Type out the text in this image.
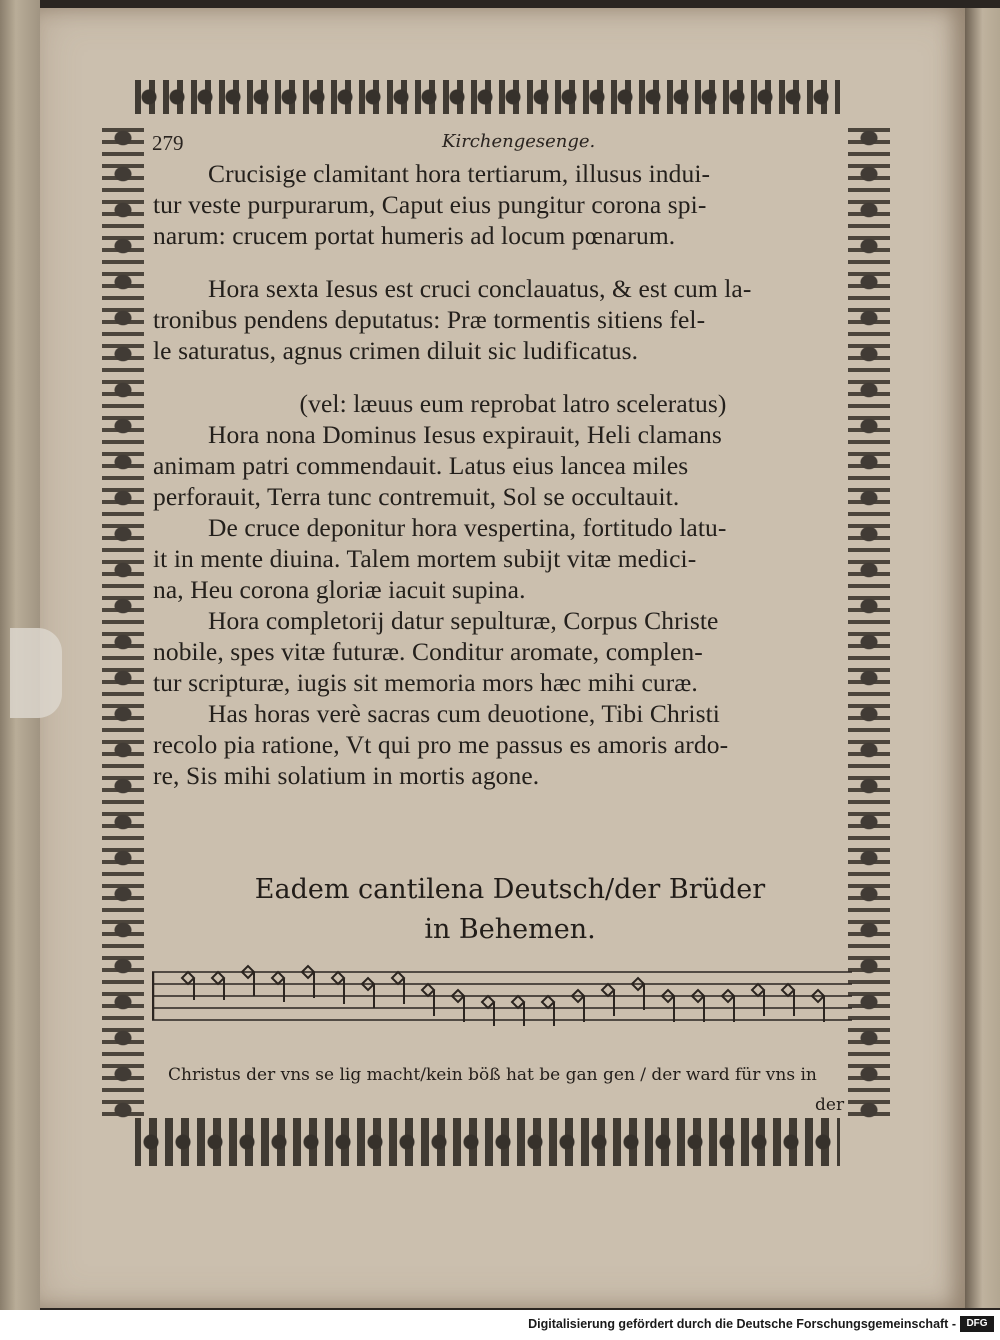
279	Kirchengesenge.
Crucisige clamitant hora tertiarum, illusus indui-
tur veste purpurarum, Caput eius pungitur corona spi-
narum: crucem portat humeris ad locum pœnarum.
Hora sexta Iesus est cruci conclauatus, & est cum la-
tronibus pendens deputatus: Præ tormentis sitiens fel-
le saturatus, agnus crimen diluit sic ludificatus.
(vel: læuus eum reprobat latro sceleratus)
Hora nona Dominus Iesus expirauit, Heli clamans
animam patri commendauit. Latus eius lancea miles
perforauit, Terra tunc contremuit, Sol se occultauit.
De cruce deponitur hora vespertina, fortitudo latu-
it in mente diuina. Talem mortem subijt vitæ medici-
na, Heu corona gloriæ iacuit supina.
Hora completorij datur sepulturæ, Corpus Christe
nobile, spes vitæ futuræ. Conditur aromate, complen-
tur scripturæ, iugis sit memoria mors hæc mihi curæ.
Has horas verè sacras cum deuotione, Tibi Christi
recolo pia ratione, Vt qui pro me passus es amoris ardo-
re, Sis mihi solatium in mortis agone.
Eadem cantilena Deutsch/der Brüder
in Behemen.
Christus der vns se lig macht/kein böß hat be gan gen / der ward für vns in
der
Digitalisierung gefördert durch die Deutsche Forschungsgemeinschaft -	DFG
